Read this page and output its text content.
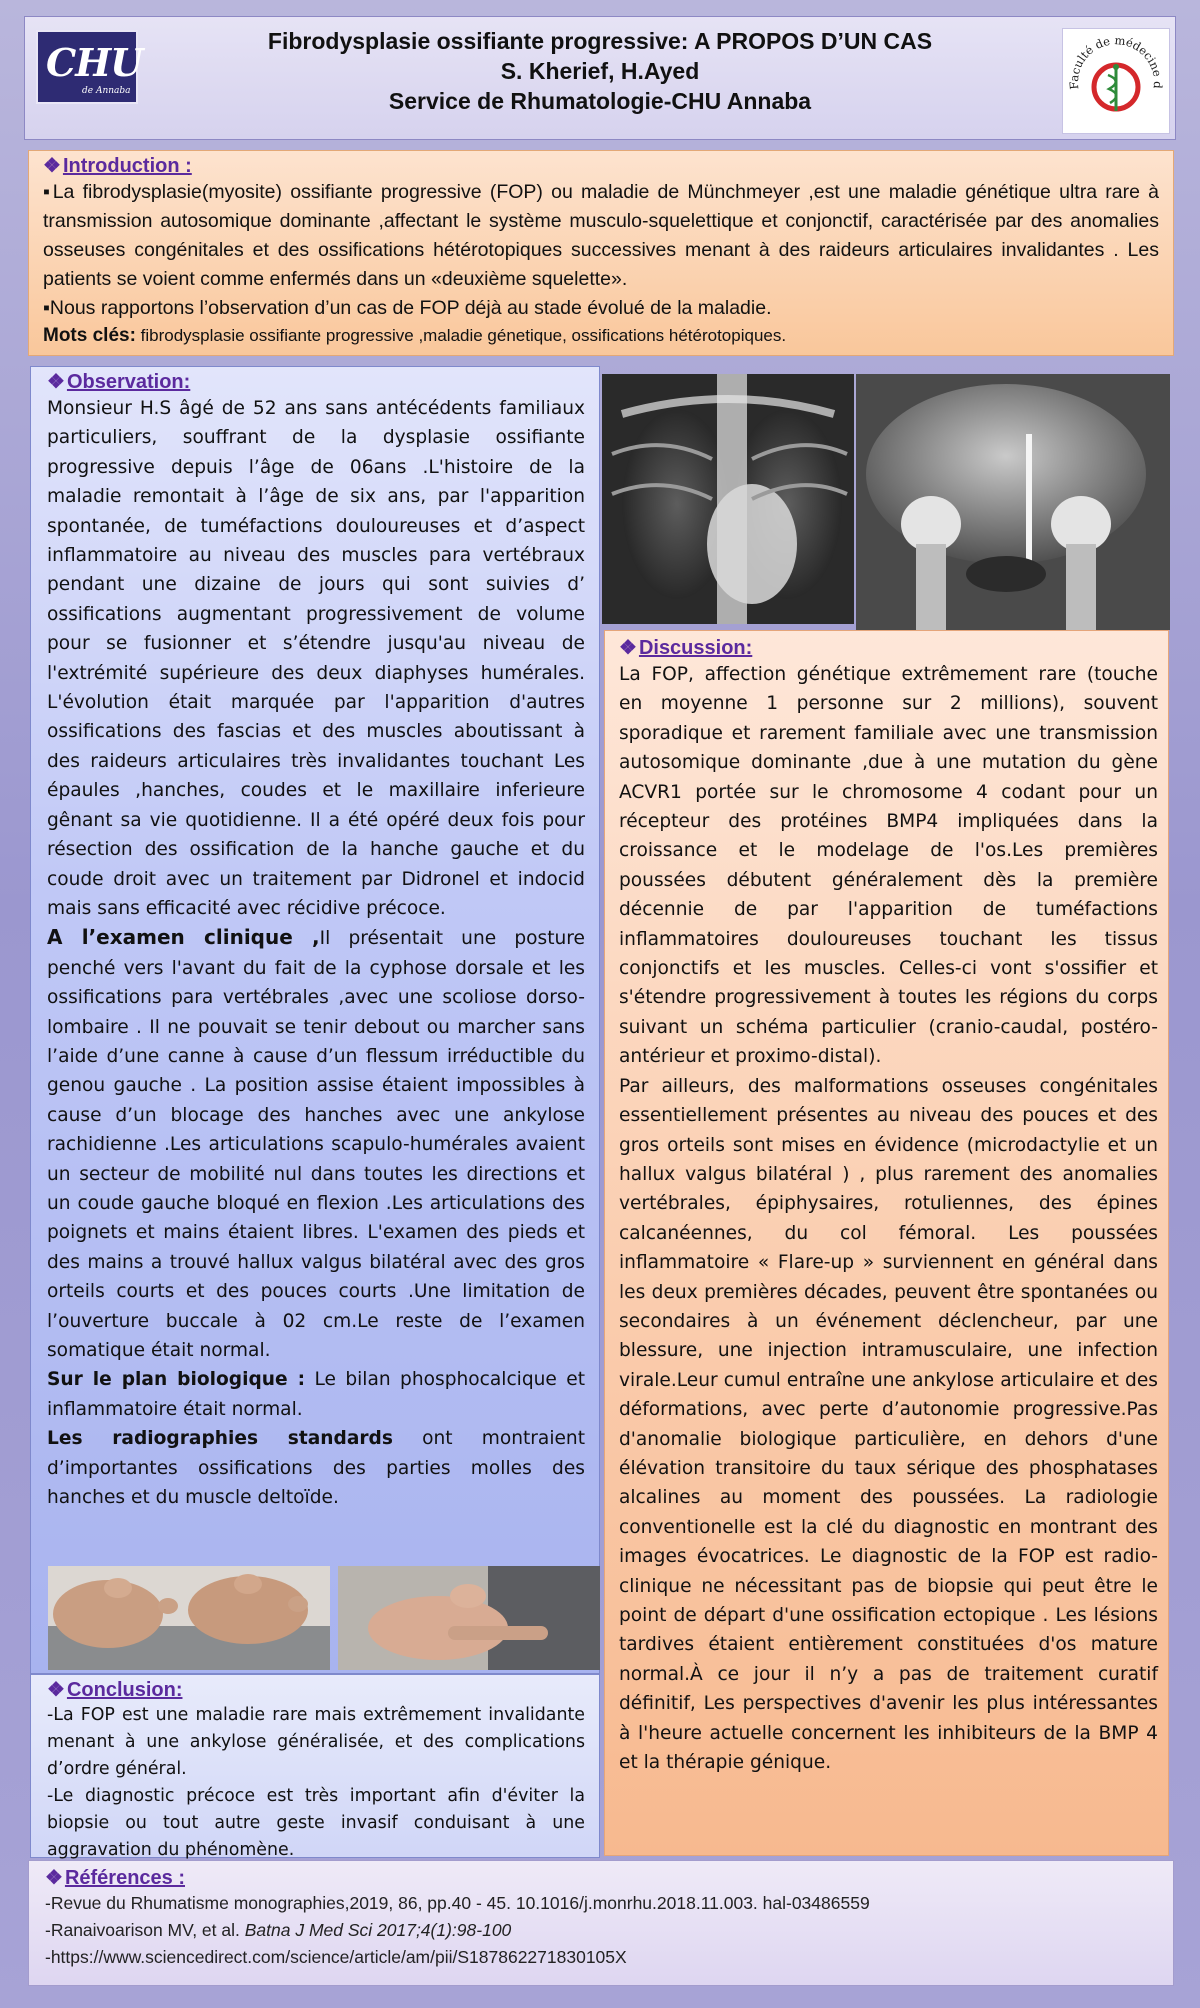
CHU
de Annaba
Fibrodysplasie ossifiante progressive: A PROPOS D’UN CAS
S. Kherief, H.Ayed
Service de Rhumatologie-CHU Annaba
Faculté de médecine d
❖ Introduction :

▪La fibrodysplasie(myosite) ossifiante progressive (FOP) ou maladie de Münchmeyer ,est une maladie génétique ultra rare à transmission autosomique dominante ,affectant le système musculo-squelettique et conjonctif, caractérisée par des anomalies osseuses congénitales et des ossifications hétérotopiques successives menant à des raideurs articulaires invalidantes . Les patients se voient comme enfermés dans un «deuxième squelette».

▪Nous rapportons l’observation d’un cas de FOP déjà au stade évolué de la maladie.

Mots clés: fibrodysplasie ossifiante progressive ,maladie génetique, ossifications hétérotopiques.

❖ Observation:

Monsieur H.S âgé de 52 ans sans antécédents familiaux particuliers, souffrant de la dysplasie ossifiante progressive depuis l’âge de 06ans .L'histoire de la maladie remontait à l’âge de six ans, par l'apparition spontanée, de tuméfactions douloureuses et d’aspect inflammatoire au niveau des muscles para vertébraux pendant une dizaine de jours qui sont suivies d’ ossifications augmentant progressivement de volume pour se fusionner et s’étendre jusqu'au niveau de l'extrémité supérieure des deux diaphyses humérales. L'évolution était marquée par l'apparition d'autres ossifications des fascias et des muscles aboutissant à des raideurs articulaires très invalidantes touchant Les épaules ,hanches, coudes et le maxillaire inferieure gênant sa vie quotidienne. Il a été opéré deux fois pour résection des ossification de la hanche gauche et du coude droit avec un traitement par Didronel et indocid mais sans efficacité avec récidive précoce.

A l’examen clinique ,Il présentait une posture penché vers l'avant du fait de la cyphose dorsale et les ossifications para vertébrales ,avec une scoliose dorso-lombaire . Il ne pouvait se tenir debout ou marcher sans l’aide d’une canne à cause d’un flessum irréductible du genou gauche . La position assise étaient impossibles à cause d’un blocage des hanches avec une ankylose rachidienne .Les articulations scapulo-humérales avaient un secteur de mobilité nul dans toutes les directions et un coude gauche bloqué en flexion .Les articulations des poignets et mains étaient libres. L'examen des pieds et des mains a trouvé hallux valgus bilatéral avec des gros orteils courts et des pouces courts .Une limitation de l’ouverture buccale à 02 cm.Le reste de l’examen somatique était normal.

Sur le plan biologique : Le bilan phosphocalcique et inflammatoire était normal.

Les radiographies standards ont montraient d’importantes ossifications des parties molles des hanches et du muscle deltoïde.

❖ Conclusion:

-La FOP est une maladie rare mais extrêmement invalidante menant à une ankylose généralisée, et des complications d’ordre général.

-Le diagnostic précoce est très important afin d'éviter la biopsie ou tout autre geste invasif conduisant à une aggravation du phénomène.

❖ Discussion:

La FOP, affection génétique extrêmement rare (touche en moyenne 1 personne sur 2 millions), souvent sporadique et rarement familiale avec une transmission autosomique dominante ,due à une mutation du gène ACVR1 portée sur le chromosome 4 codant pour un récepteur des protéines BMP4 impliquées dans la croissance et le modelage de l'os.Les premières poussées débutent généralement dès la première décennie de par l'apparition de tuméfactions inflammatoires douloureuses touchant les tissus conjonctifs et les muscles. Celles-ci vont s'ossifier et s'étendre progressivement à toutes les régions du corps suivant un schéma particulier (cranio-caudal, postéro-antérieur et proximo-distal).

Par ailleurs, des malformations osseuses congénitales essentiellement présentes au niveau des pouces et des gros orteils sont mises en évidence (microdactylie et un hallux valgus bilatéral ) , plus rarement des anomalies vertébrales, épiphysaires, rotuliennes, des épines calcanéennes, du col fémoral. Les poussées inflammatoire « Flare-up » surviennent en général dans les deux premières décades, peuvent être spontanées ou secondaires à un événement déclencheur, par une blessure, une injection intramusculaire, une infection virale.Leur cumul entraîne une ankylose articulaire et des déformations, avec perte d’autonomie progressive.Pas d'anomalie biologique particulière, en dehors d'une élévation transitoire du taux sérique des phosphatases alcalines au moment des poussées. La radiologie conventionelle est la clé du diagnostic en montrant des images évocatrices. Le diagnostic de la FOP est radio-clinique ne nécessitant pas de biopsie qui peut être le point de départ d'une ossification ectopique . Les lésions tardives étaient entièrement constituées d'os mature normal.À ce jour il n’y a pas de traitement curatif définitif, Les perspectives d'avenir les plus intéressantes à l'heure actuelle concernent les inhibiteurs de la BMP 4 et la thérapie génique.

❖ Références :
-Revue du Rhumatisme monographies,2019, 86, pp.40 - 45. 10.1016/j.monrhu.2018.11.003. hal-03486559
-Ranaivoarison MV, et al. Batna J Med Sci 2017;4(1):98-100
-https://www.sciencedirect.com/science/article/am/pii/S187862271830105X
